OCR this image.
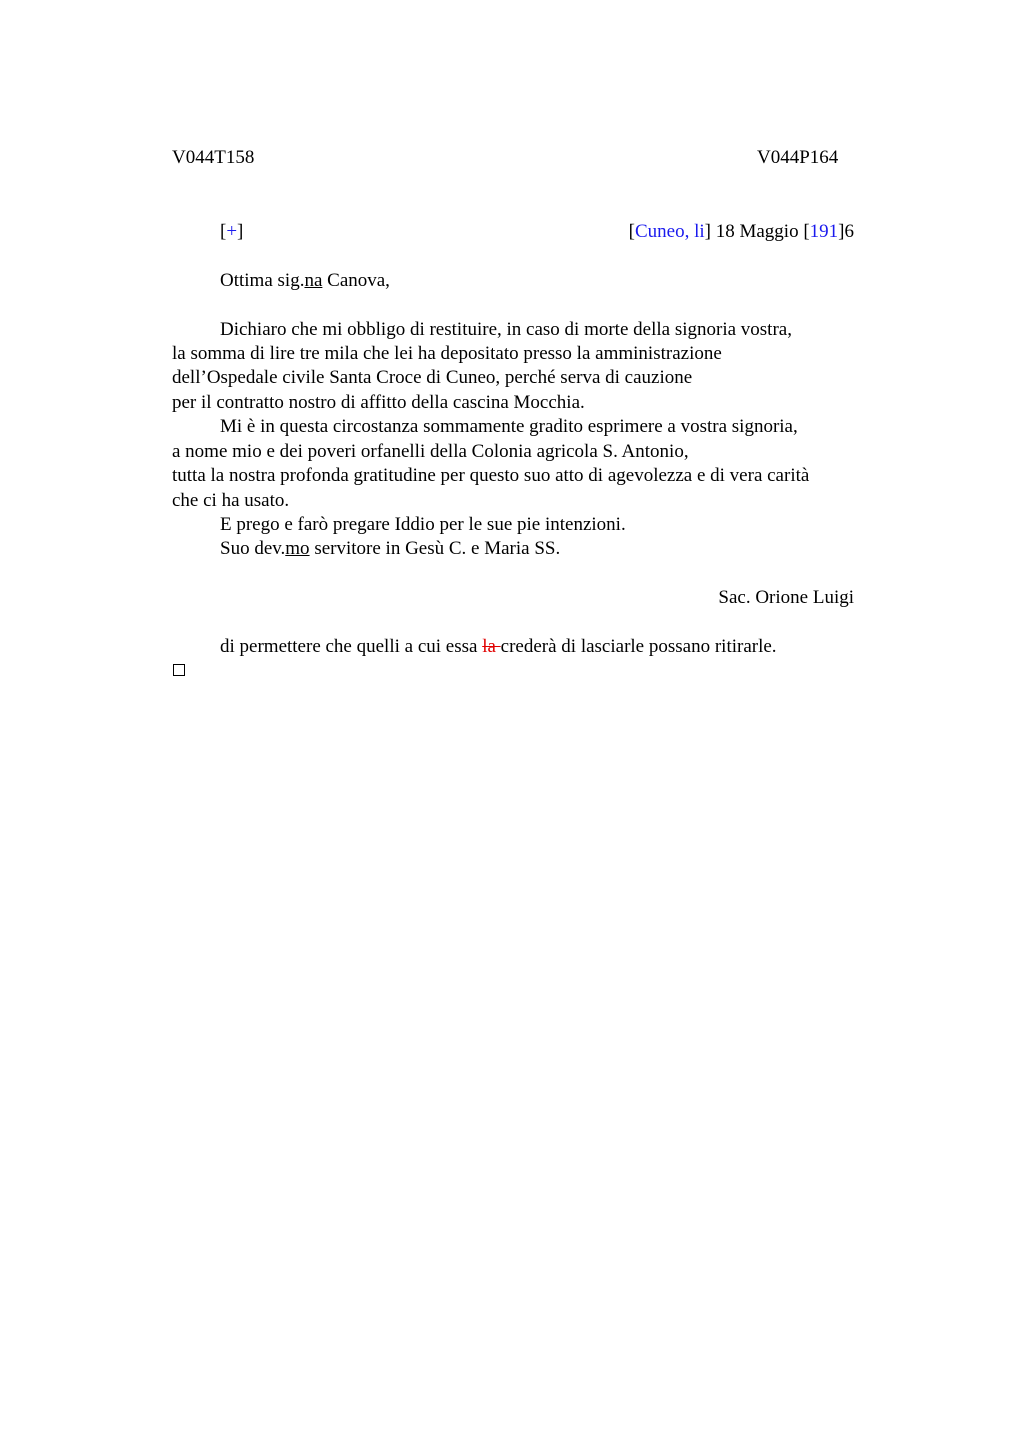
V044T158	V044P164
[+]	[Cuneo, li] 18 Maggio [191]6
Ottima sig.na Canova,
Dichiaro che mi obbligo di restituire, in caso di morte della signoria vostra,
la somma di lire tre mila che lei ha depositato presso la amministrazione
dell’Ospedale civile Santa Croce di Cuneo, perché serva di cauzione
per il contratto nostro di affitto della cascina Mocchia.
Mi è in questa circostanza sommamente gradito esprimere a vostra signoria,
a nome mio e dei poveri orfanelli della Colonia agricola S. Antonio,
tutta la nostra profonda gratitudine per questo suo atto di agevolezza e di vera carità
che ci ha usato.
E prego e farò pregare Iddio per le sue pie intenzioni.
Suo dev.mo servitore in Gesù C. e Maria SS.
Sac. Orione Luigi
di permettere che quelli a cui essa la crederà di lasciarle possano ritirarle.
